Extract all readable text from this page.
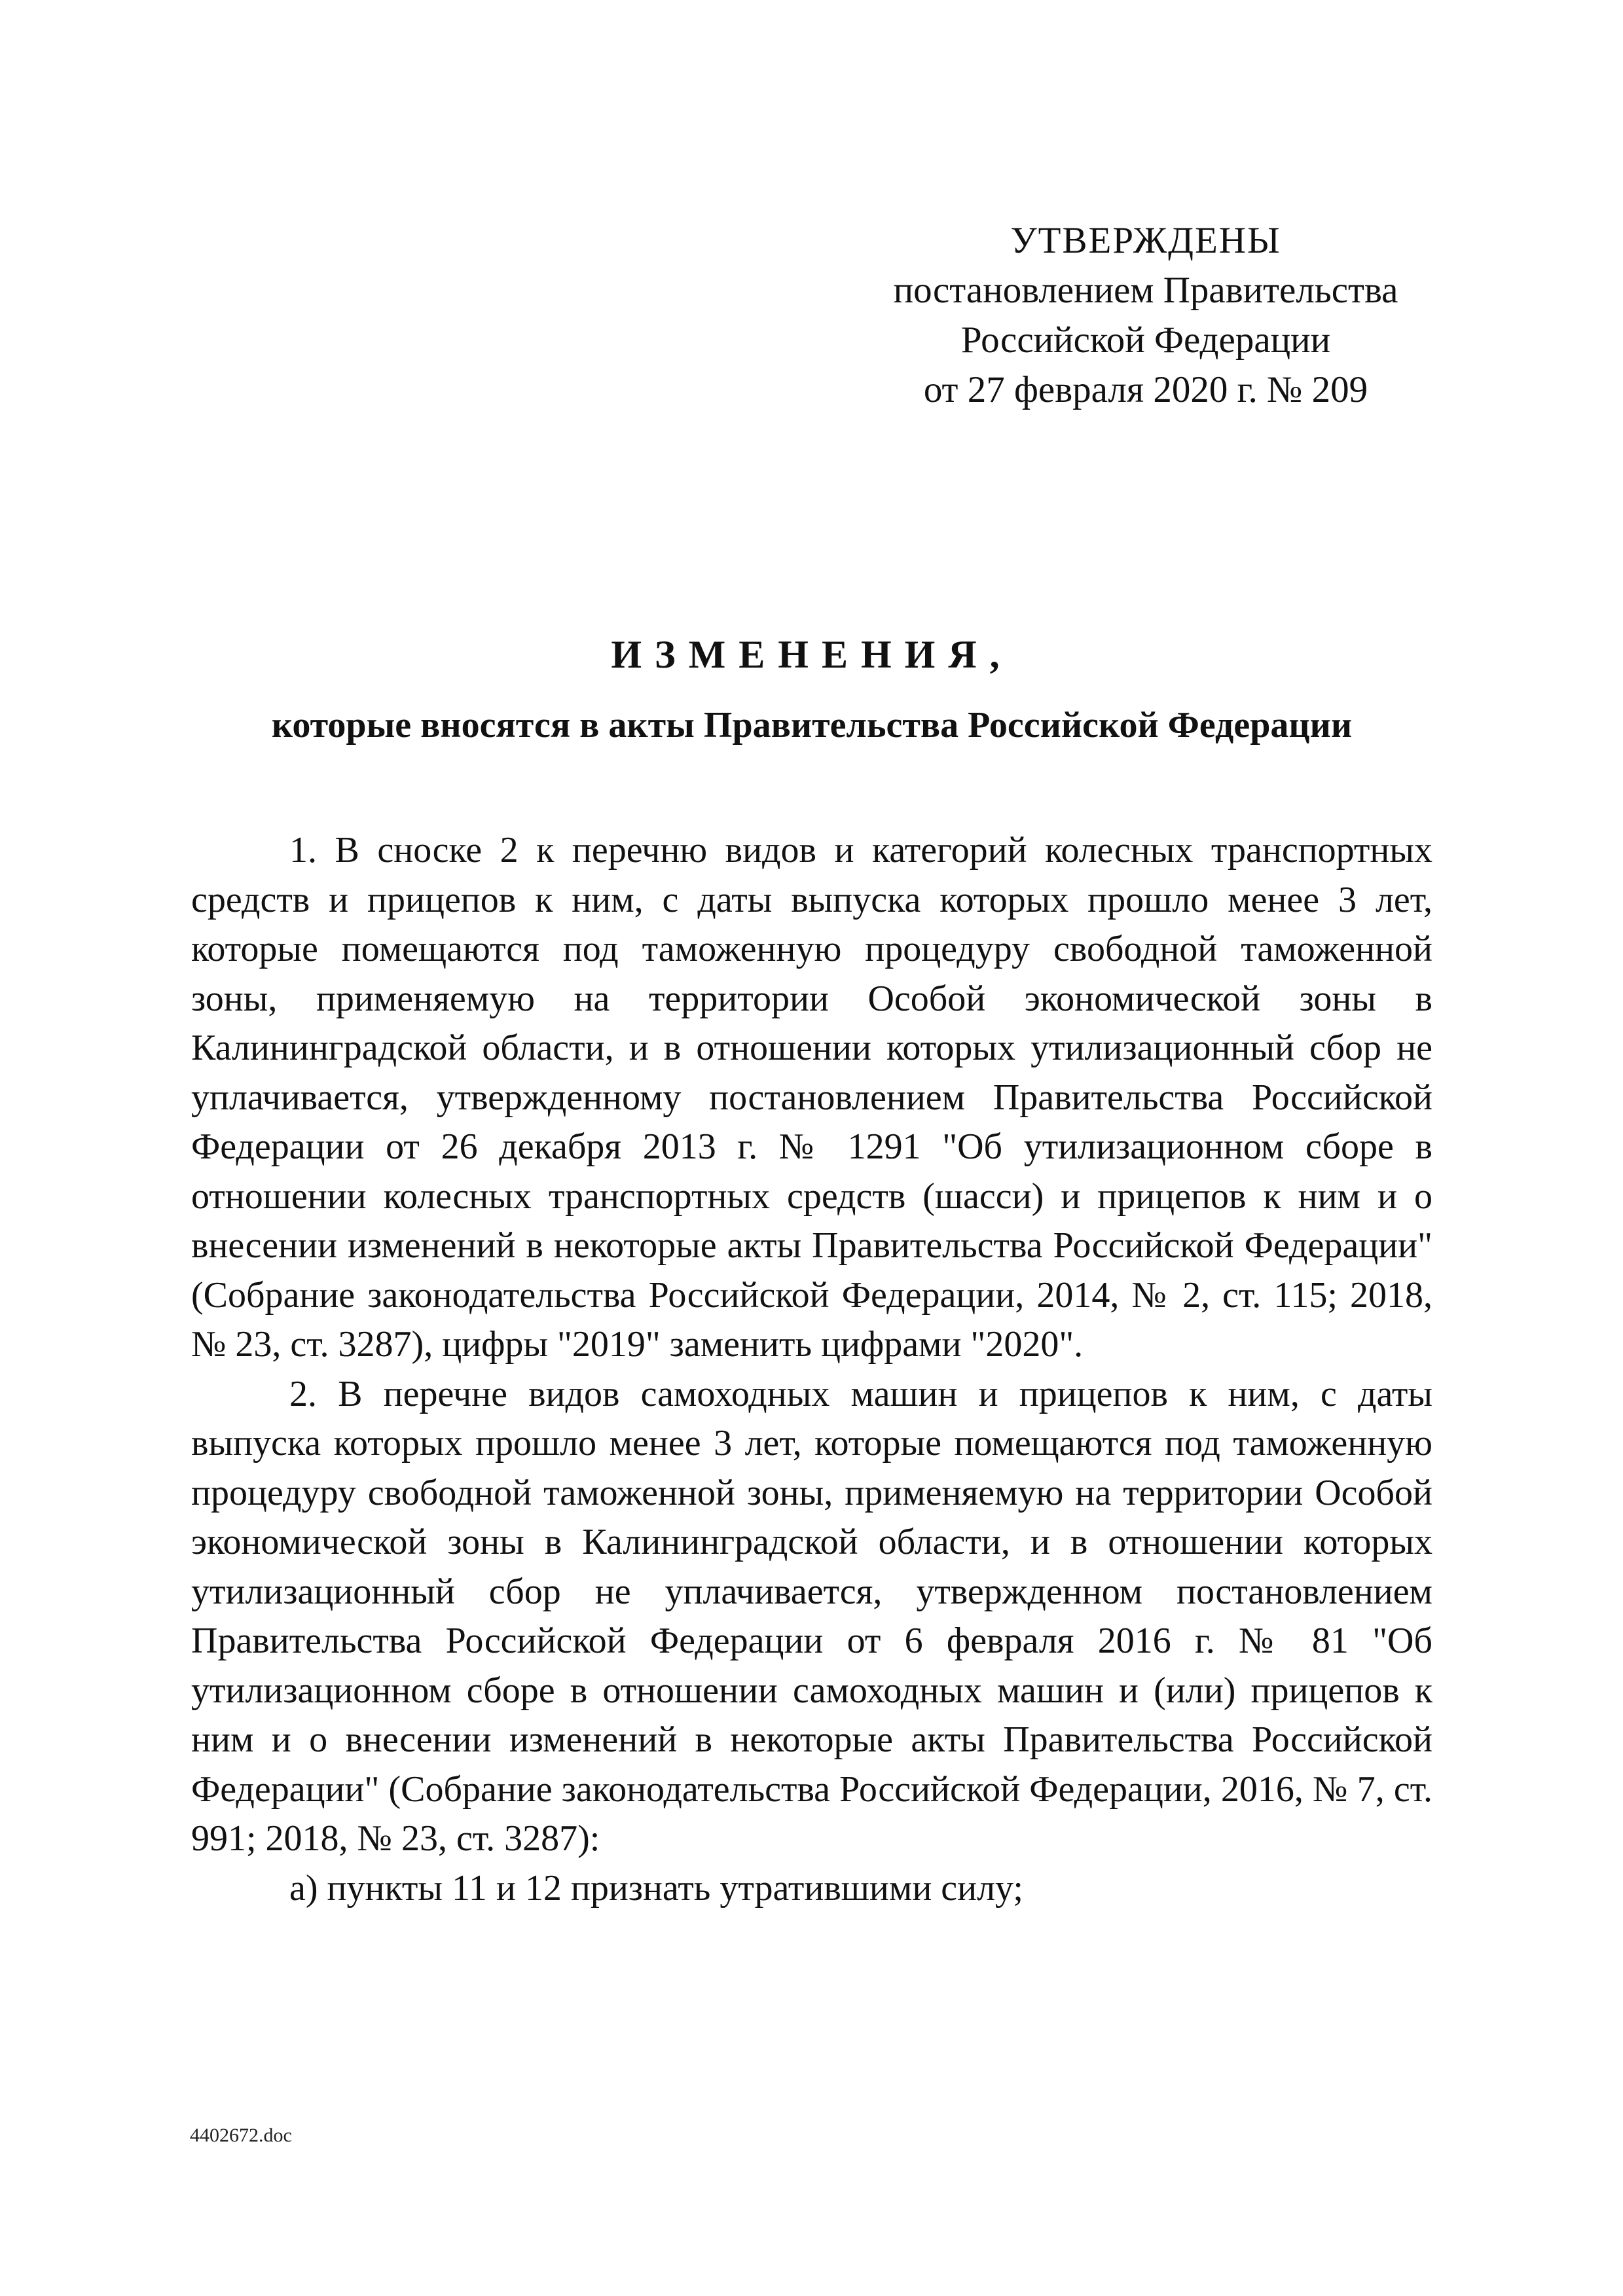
УТВЕРЖДЕНЫ
постановлением Правительства
Российской Федерации
от 27 февраля 2020 г. № 209
ИЗМЕНЕНИЯ,
которые вносятся в акты Правительства Российской Федерации

1. В сноске 2 к перечню видов и категорий колесных транспортных средств и прицепов к ним, с даты выпуска которых прошло менее 3 лет, которые помещаются под таможенную процедуру свободной таможенной зоны, применяемую на территории Особой экономической зоны в Калининградской области, и в отношении которых утилизационный сбор не уплачивается, утвержденному постановлением Правительства Российской Федерации от 26 декабря 2013 г. № 1291 "Об утилизационном сборе в отношении колесных транспортных средств (шасси) и прицепов к ним и о внесении изменений в некоторые акты Правительства Российской Федерации" (Собрание законодательства Российской Федерации, 2014, № 2, ст. 115; 2018, № 23, ст. 3287), цифры "2019" заменить цифрами "2020".

2. В перечне видов самоходных машин и прицепов к ним, с даты выпуска которых прошло менее 3 лет, которые помещаются под таможенную процедуру свободной таможенной зоны, применяемую на территории Особой экономической зоны в Калининградской области, и в отношении которых утилизационный сбор не уплачивается, утвержденном постановлением Правительства Российской Федерации от 6 февраля 2016 г. № 81 "Об утилизационном сборе в отношении самоходных машин и (или) прицепов к ним и о внесении изменений в некоторые акты Правительства Российской Федерации" (Собрание законодательства Российской Федерации, 2016, № 7, ст. 991; 2018, № 23, ст. 3287):

а) пункты 11 и 12 признать утратившими силу;

4402672.doc
